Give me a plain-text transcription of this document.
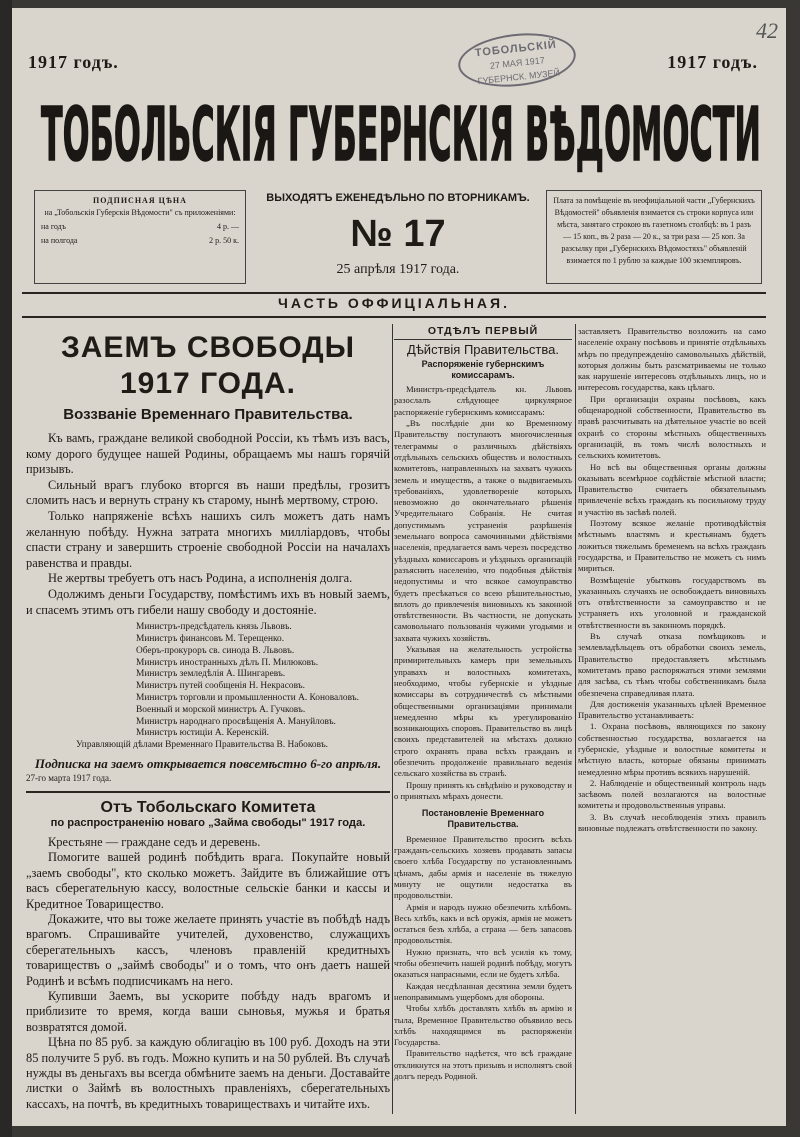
1917 годъ.	1917 годъ.
42
ТОБОЛЬСКІЙ
27 МАЯ 1917
ГУБЕРНСК. МУЗЕЙ
ТОБОЛЬСКІЯ ГУБЕРНСКІЯ ВѢДОМОСТИ
ПОДПИСНАЯ ЦѢНА
на „Тобольскія Губерскія Вѣдомости" съ приложеніями:
на годъ	4 р. —
на полгода	2 р. 50 к.
ВЫХОДЯТЪ ЕЖЕНЕДѢЛЬНО ПО ВТОРНИКАМЪ.
№ 17
25 апрѣля 1917 года.
Плата за помѣщеніе въ неофиціальной части „Губернскихъ Вѣдомостей" объявленія взимается съ строки корпуса или мѣста, занятаго строкою въ газетномъ столбцѣ: въ 1 разъ — 15 коп., въ 2 раза — 20 к., за три раза — 25 коп. За разсылку при „Губернскихъ Вѣдомостяхъ" объявленій взимается по 1 рублю за каждые 100 экземпляровъ.
ЧАСТЬ ОФФИЦІАЛЬНАЯ.
ЗАЕМЪ СВОБОДЫ 1917 ГОДА.
Воззваніе Временнаго Правительства.

Къ вамъ, граждане великой свободной Россіи, къ тѣмъ изъ васъ, кому дорого будущее нашей Родины, обращаемъ мы нашъ горячій призывъ.

Сильный врагъ глубоко вторгся въ наши предѣлы, грозитъ сломить насъ и вернуть страну къ старому, нынѣ мертвому, строю.

Только напряженіе всѣхъ нашихъ силъ можетъ дать намъ желанную побѣду. Нужна затрата многихъ милліардовъ, чтобы спасти страну и завершить строеніе свободной Россіи на началахъ равенства и правды.

Не жертвы требуетъ отъ насъ Родина, а исполненія долга.

Одолжимъ деньги Государству, помѣстимъ ихъ въ новый заемъ, и спасемъ этимъ отъ гибели нашу свободу и достояніе.

Министръ-предсѣдатель князь Львовъ.
Министръ финансовъ М. Терещенко.
Оберъ-прокуроръ св. синода В. Львовъ.
Министръ иностранныхъ дѣлъ П. Милюковъ.
Министръ земледѣлія А. Шингаревъ.
Министръ путей сообщенія Н. Некрасовъ.
Министръ торговли и промышленности А. Коноваловъ.
Военный и морской министръ А. Гучковъ.
Министръ народнаго просвѣщенія А. Мануйловъ.
Министръ юстиціи А. Керенскій.
Управляющій дѣлами Временнаго Правительства В. Набоковъ.
Подписка на заемъ открывается повсемѣстно 6-го апрѣля.
27-го марта 1917 года.
Отъ Тобольскаго Комитета
по распространенію новаго „Займа свободы" 1917 года.

Крестьяне — граждане седъ и деревень.

Помогите вашей родинѣ побѣдить врага. Покупайте новый „заемъ свободы", кто сколько можетъ. Зайдите въ ближайшие отъ васъ сберегательную кассу, волостные сельскіе банки и кассы и Кредитное Товарищество.

Докажите, что вы тоже желаете принять участіе въ побѣдѣ надъ врагомъ. Спрашивайте учителей, духовенство, служащихъ сберегательныхъ кассъ, членовъ правленій кредитныхъ товариществъ о „займѣ свободы" и о томъ, что онъ даетъ нашей Родинѣ и всѣмъ подписчикамъ на него.

Купивши Заемъ, вы ускорите побѣду надъ врагомъ и приблизите то время, когда ваши сыновья, мужья и братья возвратятся домой.

Цѣна по 85 руб. за каждую облигацію въ 100 руб. Доходъ на эти 85 получите 5 руб. въ годъ. Можно купить и на 50 рублей. Въ случаѣ нужды въ деньгахъ вы всегда обмѣните заемъ на деньги. Доставайте листки о Займѣ въ волостныхъ правленіяхъ, сберегательныхъ кассахъ, на почтѣ, въ кредитныхъ товариществахъ и читайте ихъ.

ОТДѢЛЪ ПЕРВЫЙ
Дѣйствія Правительства.
Распоряженіе губернскимъ комиссарамъ.

Министръ-предсѣдатель кн. Львовъ разослалъ слѣдующее циркулярное распоряженіе губернскимъ комиссарамъ:

„Въ послѣдніе дни ко Временному Правительству поступаютъ многочисленныя телеграммы о различныхъ дѣйствіяхъ отдѣльныхъ сельскихъ обществъ и волостныхъ комитетовъ, направленныхъ на захватъ чужихъ земель и имуществъ, а также о выдвигаемыхъ требованіяхъ, удовлетвореніе которыхъ невозможно до окончательнаго рѣшенія Учредительнаго Собранія. Не считая допустимымъ устраненія разрѣшенія земельнаго вопроса самочинными дѣйствіями населенія, предлагается вамъ черезъ посредство уѣздныхъ комиссаровъ и уѣздныхъ организацій разъяснить населенію, что подобныя дѣйствія недопустимы и что всякое самоуправство будетъ пресѣкаться со всею рѣшительностью, вплоть до привлеченія виновныхъ къ законной отвѣтственности. Въ частности, не допускать самовольнаго пользованія чужими угодьями и захвата чужихъ хозяйствъ.

Указывая на желательность устройства примирительныхъ камеръ при земельныхъ управахъ и волостныхъ комитетахъ, необходимо, чтобы губернскіе и уѣздные комиссары въ сотрудничествѣ съ мѣстными общественными организаціями принимали немедленно мѣры къ урегулированію возникающихъ споровъ. Правительство въ лицѣ своихъ представителей на мѣстахъ должно строго охранять права всѣхъ гражданъ и обезпечить продолженіе правильнаго веденія сельскаго хозяйства въ странѣ.

Прошу принять къ свѣдѣнію и руководству и о принятыхъ мѣрахъ донести.

Постановленіе Временнаго Правительства.

Временное Правительство проситъ всѣхъ гражданъ-сельскихъ хозяевъ продавать запасы своего хлѣба Государству по установленнымъ цѣнамъ, дабы армія и населеніе въ тяжелую минуту не ощутили недостатка въ продовольствіи.

Армія и народъ нужно обезпечить хлѣбомъ. Весь хлѣбъ, какъ и всѣ оружія, армія не можетъ остаться безъ хлѣба, а страна — безъ запасовъ продовольствія.

Нужно признать, что всѣ усилія къ тому, чтобы обезпечить нашей родинѣ побѣду, могутъ оказаться напрасными, если не будетъ хлѣба.

Каждая несдѣланная десятина земли будетъ непоправимымъ ущербомъ для обороны.

Чтобы хлѣбъ доставлять хлѣбъ въ армію и тыла, Временное Правительство объявило весь хлѣбъ находящимся въ распоряженіи Государства.

Правительство надѣется, что всѣ граждане откликнутся на этотъ призывъ и исполнятъ свой долгъ передъ Родиной.

заставляетъ Правительство возложить на само населеніе охрану посѣвовъ и принятіе отдѣльныхъ мѣръ по предупрежденію самовольныхъ дѣйствій, которыя должны быть разсматриваемы не только как нарушеніе интересовъ отдѣльныхъ лицъ, но и интересовъ государства, какъ цѣлаго.

При организаціи охраны посѣвовъ, какъ общенародной собственности, Правительство въ правѣ разсчитывать на дѣятельное участіе во всей охранѣ со стороны мѣстныхъ общественныхъ организацій, въ томъ числѣ волостныхъ и сельскихъ комитетовъ.

Но всѣ вы общественныя органы должны оказывать всемѣрное содѣйствіе мѣстной власти; Правительство считаетъ обязательнымъ привлеченіе всѣхъ гражданъ къ посильному труду и участію въ засѣвѣ полей.

Поэтому всякое желаніе противодѣйствія мѣстнымъ властямъ и крестьянамъ будетъ ложиться тяжелымъ бременемъ на всѣхъ гражданъ государства, и Правительство не можетъ съ нимъ мириться.

Возмѣщеніе убытковъ государствомъ въ указанныхъ случаяхъ не освобождаетъ виновныхъ отъ отвѣтственности за самоуправство и не устраняетъ ихъ уголовной и гражданской отвѣтственности въ законномъ порядкѣ.

Въ случаѣ отказа помѣщиковъ и землевладѣльцевъ отъ обработки своихъ земель, Правительство предоставляетъ мѣстнымъ комитетамъ право распоряжаться этими землями для засѣва, съ тѣмъ чтобы собственникамъ была обезпечена справедливая плата.

Для достиженія указанныхъ цѣлей Временное Правительство устанавливаетъ:

1. Охрана посѣвовъ, являющихся по закону собственностью государства, возлагается на губернскіе, уѣздные и волостные комитеты и мѣстную власть, которые обязаны принимать немедленно мѣры противъ всякихъ нарушеній.

2. Наблюденіе и общественный контроль надъ засѣвомъ полей возлагаются на волостные комитеты и продовольственныя управы.

3. Въ случаѣ несоблюденія этихъ правилъ виновные подлежатъ отвѣтственности по закону.
